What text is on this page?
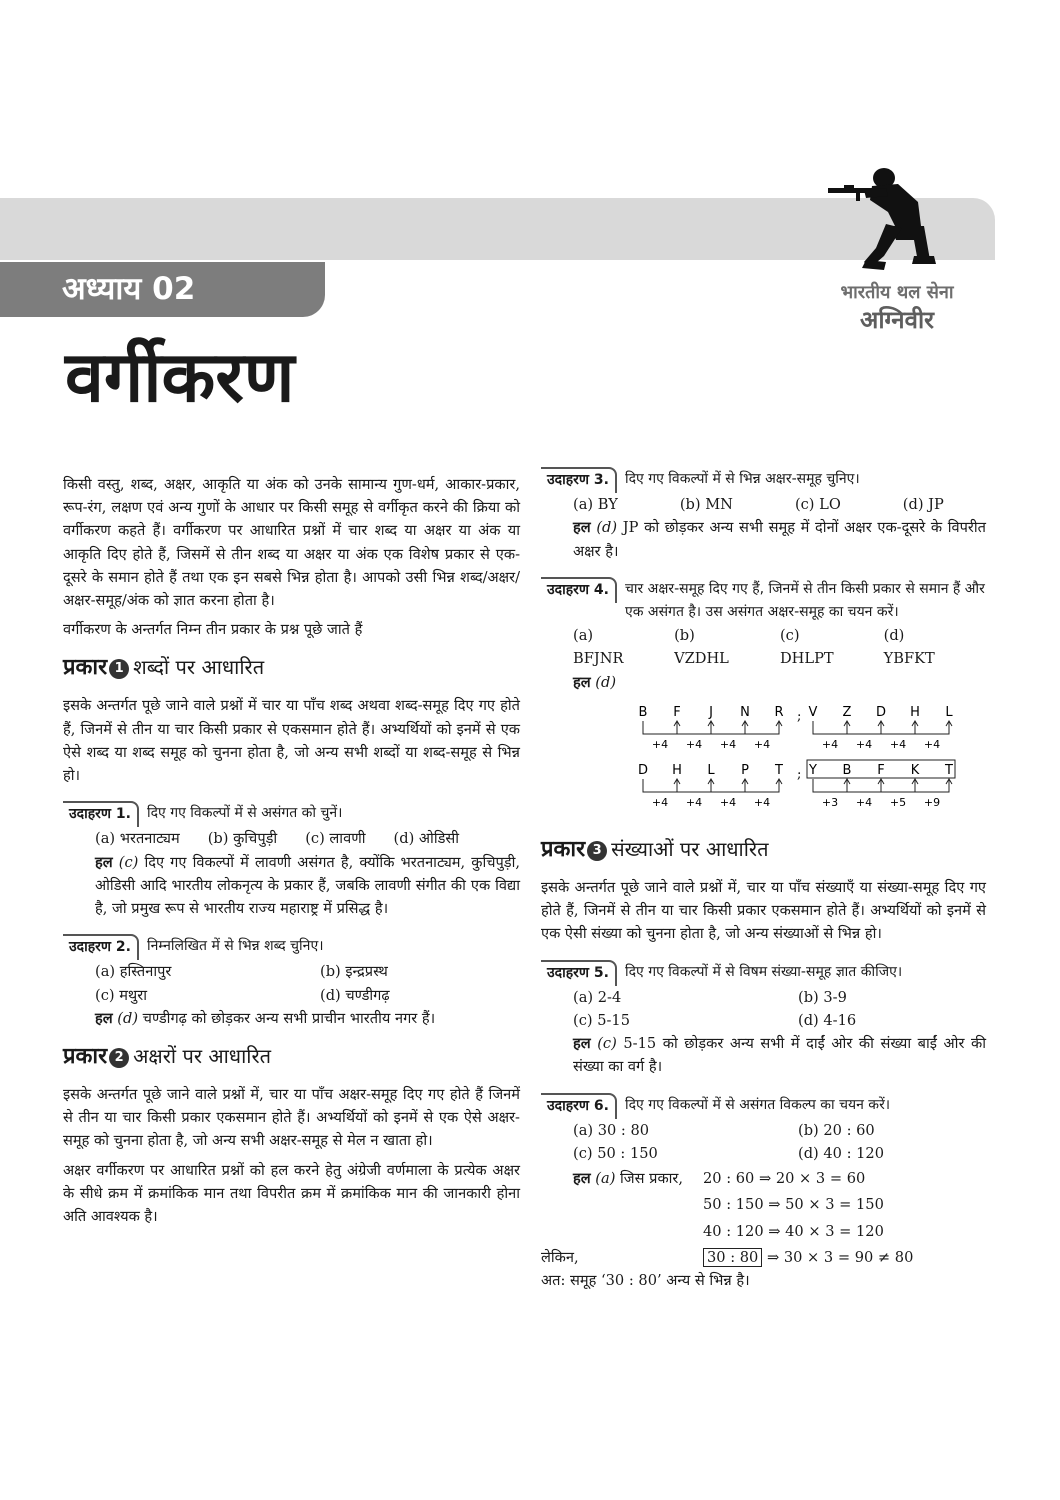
अध्याय 02	भारतीय थल सेना
अग्निवीर
वर्गीकरण

किसी वस्तु, शब्द, अक्षर, आकृति या अंक को उनके सामान्य गुण-धर्म, आकार-प्रकार, रूप-रंग, लक्षण एवं अन्य गुणों के आधार पर किसी समूह से वर्गीकृत करने की क्रिया को वर्गीकरण कहते हैं। वर्गीकरण पर आधारित प्रश्नों में चार शब्द या अक्षर या अंक या आकृति दिए होते हैं, जिसमें से तीन शब्द या अक्षर या अंक एक विशेष प्रकार से एक-दूसरे के समान होते हैं तथा एक इन सबसे भिन्न होता है। आपको उसी भिन्न शब्द/अक्षर/अक्षर-समूह/अंक को ज्ञात करना होता है।

वर्गीकरण के अन्तर्गत निम्न तीन प्रकार के प्रश्न पूछे जाते हैं

प्रकार 1 शब्दों पर आधारित

इसके अन्तर्गत पूछे जाने वाले प्रश्नों में चार या पाँच शब्द अथवा शब्द-समूह दिए गए होते हैं, जिनमें से तीन या चार किसी प्रकार से एकसमान होते हैं। अभ्यर्थियों को इनमें से एक ऐसे शब्द या शब्द समूह को चुनना होता है, जो अन्य सभी शब्दों या शब्द-समूह से भिन्न हो।

उदाहरण 1.	दिए गए विकल्पों में से असंगत को चुनें।
(a) भरतनाट्यम (b) कुचिपुड़ी (c) लावणी (d) ओडिसी
हल (c) दिए गए विकल्पों में लावणी असंगत है, क्योंकि भरतनाट्यम, कुचिपुड़ी, ओडिसी आदि भारतीय लोकनृत्य के प्रकार हैं, जबकि लावणी संगीत की एक विद्या है, जो प्रमुख रूप से भारतीय राज्य महाराष्ट्र में प्रसिद्ध है।
उदाहरण 2.	निम्नलिखित में से भिन्न शब्द चुनिए।
(a) हस्तिनापुर	(b) इन्द्रप्रस्थ
(c) मथुरा	(d) चण्डीगढ़
हल (d) चण्डीगढ़ को छोड़कर अन्य सभी प्राचीन भारतीय नगर हैं।
प्रकार 2 अक्षरों पर आधारित

इसके अन्तर्गत पूछे जाने वाले प्रश्नों में, चार या पाँच अक्षर-समूह दिए गए होते हैं जिनमें से तीन या चार किसी प्रकार एकसमान होते हैं। अभ्यर्थियों को इनमें से एक ऐसे अक्षर-समूह को चुनना होता है, जो अन्य सभी अक्षर-समूह से मेल न खाता हो।

अक्षर वर्गीकरण पर आधारित प्रश्नों को हल करने हेतु अंग्रेजी वर्णमाला के प्रत्येक अक्षर के सीधे क्रम में क्रमांकिक मान तथा विपरीत क्रम में क्रमांकिक मान की जानकारी होना अति आवश्यक है।

उदाहरण 3.	दिए गए विकल्पों में से भिन्न अक्षर-समूह चुनिए।
(a) BY	(b) MN	(c) LO	(d) JP
हल (d) JP को छोड़कर अन्य सभी समूह में दोनों अक्षर एक-दूसरे के विपरीत अक्षर है।
उदाहरण 4.	चार अक्षर-समूह दिए गए हैं, जिनमें से तीन किसी प्रकार से समान हैं और एक असंगत है। उस असंगत अक्षर-समूह का चयन करें।
(a) BFJNR
(b) VZDHL
(c) DHLPT
(d) YBFKT
हल (d)
B F J N R
+4 +4 +4 +4
; V Z D H L
+4 +4 +4 +4
D H L P T
+4 +4 +4 +4
; Y B F K T
+3 +4 +5 +9
प्रकार 3 संख्याओं पर आधारित

इसके अन्तर्गत पूछे जाने वाले प्रश्नों में, चार या पाँच संख्याएँ या संख्या-समूह दिए गए होते हैं, जिनमें से तीन या चार किसी प्रकार एकसमान होते हैं। अभ्यर्थियों को इनमें से एक ऐसी संख्या को चुनना होता है, जो अन्य संख्याओं से भिन्न हो।

उदाहरण 5.	दिए गए विकल्पों में से विषम संख्या-समूह ज्ञात कीजिए।
(a) 2-4	(b) 3-9
(c) 5-15	(d) 4-16
हल (c) 5-15 को छोड़कर अन्य सभी में दाईं ओर की संख्या बाईं ओर की संख्या का वर्ग है।
उदाहरण 6.	दिए गए विकल्पों में से असंगत विकल्प का चयन करें।
(a) 30 : 80	(b) 20 : 60
(c) 50 : 150	(d) 40 : 120
हल (a) जिस प्रकार,	20 : 60 ⇒ 20 × 3 = 60
50 : 150 ⇒ 50 × 3 = 150
40 : 120 ⇒ 40 × 3 = 120
लेकिन,	30 : 80 ⇒ 30 × 3 = 90 ≠ 80
अत: समूह ‘30 : 80’ अन्य से भिन्न है।
